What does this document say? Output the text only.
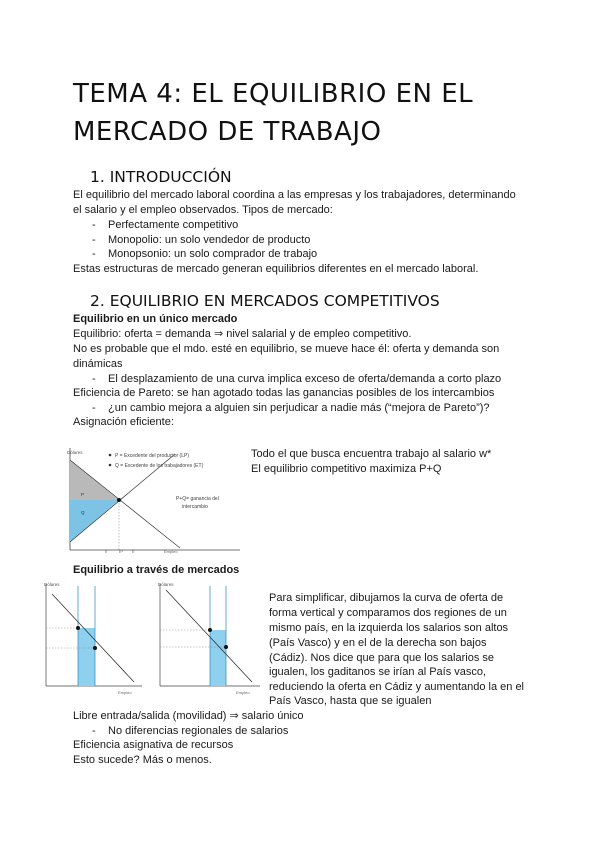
TEMA 4: EL EQUILIBRIO EN EL
MERCADO DE TRABAJO
1. INTRODUCCIÓN
El equilibrio del mercado laboral coordina a las empresas y los trabajadores, determinando
el salario y el empleo observados. Tipos de mercado:
- Perfectamente competitivo
- Monopolio: un solo vendedor de producto
- Monopsonio: un solo comprador de trabajo
Estas estructuras de mercado generan equilibrios diferentes en el mercado laboral.
2. EQUILIBRIO EN MERCADOS COMPETITIVOS
Equilibrio en un único mercado
Equilibrio: oferta = demanda ⇒ nivel salarial y de empleo competitivo.
No es probable que el mdo. esté en equilibrio, se mueve hace él: oferta y demanda son
dinámicas
- El desplazamiento de una curva implica exceso de oferta/demanda a corto plazo
Eficiencia de Pareto: se han agotado todas las ganancias posibles de los intercambios
- ¿un cambio mejora a alguien sin perjudicar a nadie más (“mejora de Pareto”)?
Asignación eficiente:
Dólares
P = Excedente del productor (LP)
Q = Excedente de los trabajadores (ET)
P
Q
P+Q= ganancia del
intercambio
E	E* E	Empleo
Todo el que busca encuentra trabajo al salario w*
El equilibrio competitivo maximiza P+Q
Equilibrio a través de mercados
Dólares
Empleo
Dólares
Empleo
Para simplificar, dibujamos la curva de oferta de
forma vertical y comparamos dos regiones de un
mismo país, en la izquierda los salarios son altos
(País Vasco) y en el de la derecha son bajos
(Cádiz). Nos dice que para que los salarios se
igualen, los gaditanos se irían al País vasco,
reduciendo la oferta en Cádiz y aumentando la en el
País Vasco, hasta que se igualen
Libre entrada/salida (movilidad) ⇒ salario único
- No diferencias regionales de salarios
Eficiencia asignativa de recursos
Esto sucede? Más o menos.
